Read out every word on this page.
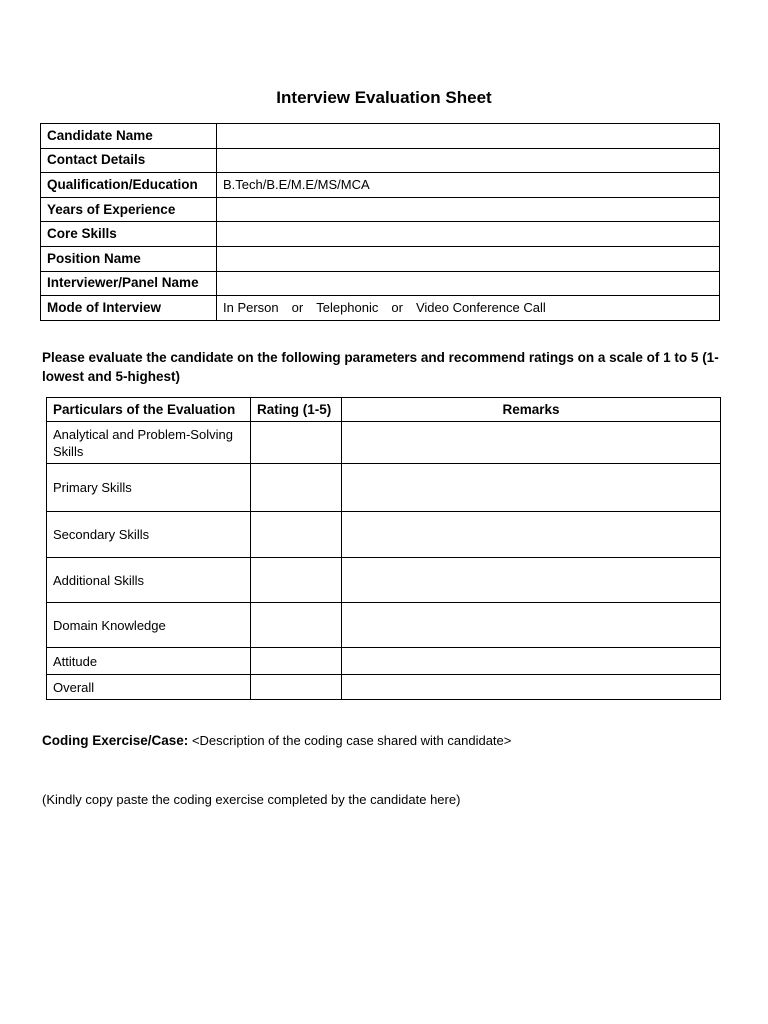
Interview Evaluation Sheet
Candidate Name	
Contact Details	
Qualification/Education	B.Tech/B.E/M.E/MS/MCA
Years of Experience	
Core Skills	
Position Name	
Interviewer/Panel Name	
Mode of Interview	In Person or Telephonic or Video Conference Call
Please evaluate the candidate on the following parameters and recommend ratings on a scale of 1 to 5 (1-lowest and 5-highest)
Particulars of the Evaluation	Rating (1-5)	Remarks
Analytical and Problem-Solving Skills		
Primary Skills		
Secondary Skills		
Additional Skills		
Domain Knowledge		
Attitude		
Overall		
Coding Exercise/Case: <Description of the coding case shared with candidate>
(Kindly copy paste the coding exercise completed by the candidate here)
